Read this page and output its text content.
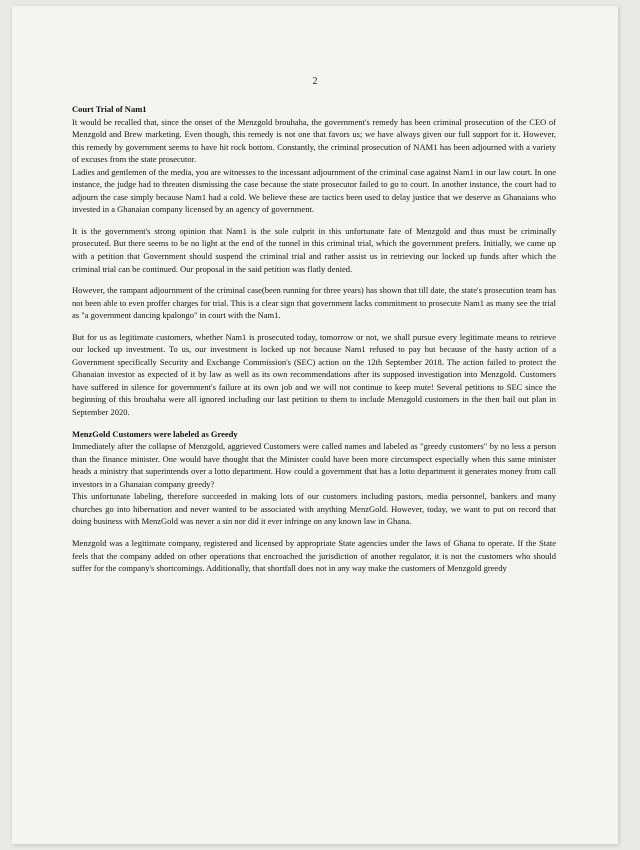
2

Court Trial of Nam1

It would be recalled that, since the onset of the Menzgold brouhaha, the government's remedy has been criminal prosecution of the CEO of Menzgold and Brew marketing. Even though, this remedy is not one that favors us; we have always given our full support for it. However, this remedy by government seems to have hit rock bottom. Constantly, the criminal prosecution of NAM1 has been adjourned with a variety of excuses from the state prosecutor.

Ladies and gentlemen of the media, you are witnesses to the incessant adjournment of the criminal case against Nam1 in our law court. In one instance, the judge had to threaten dismissing the case because the state prosecutor failed to go to court. In another instance, the court had to adjourn the case simply because Nam1 had a cold. We believe these are tactics been used to delay justice that we deserve as Ghanaians who invested in a Ghanaian company licensed by an agency of government.

It is the government's strong opinion that Nam1 is the sole culprit in this unfortunate fate of Menzgold and thus must be criminally prosecuted. But there seems to be no light at the end of the tunnel in this criminal trial, which the government prefers. Initially, we came up with a petition that Government should suspend the criminal trial and rather assist us in retrieving our locked up funds after which the criminal trial can be continued. Our proposal in the said petition was flatly denied.

However, the rampant adjournment of the criminal case(been running for three years) has shown that till date, the state's prosecution team has not been able to even proffer charges for trial. This is a clear sign that government lacks commitment to prosecute Nam1 as many see the trial as "a government dancing kpalongo" in court with the Nam1.

But for us as legitimate customers, whether Nam1 is prosecuted today, tomorrow or not, we shall pursue every legitimate means to retrieve our locked up investment. To us, our investment is locked up not because Nam1 refused to pay but because of the hasty action of a Government specifically Security and Exchange Commission's (SEC) action on the 12th September 2018. The action failed to protect the Ghanaian investor as expected of it by law as well as its own recommendations after its supposed investigation into Menzgold. Customers have suffered in silence for government's failure at its own job and we will not continue to keep mute! Several petitions to SEC since the beginning of this brouhaha were all ignored including our last petition to them to include Menzgold customers in the then bail out plan in September 2020.

MenzGold Customers were labeled as Greedy

Immediately after the collapse of Menzgold, aggrieved Customers were called names and labeled as "greedy customers" by no less a person than the finance minister. One would have thought that the Minister could have been more circumspect especially when this same minister heads a ministry that superintends over a lotto department. How could a government that has a lotto department it generates money from call investors in a Ghanaian company greedy?

This unfortunate labeling, therefore succeeded in making lots of our customers including pastors, media personnel, bankers and many churches go into hibernation and never wanted to be associated with anything MenzGold. However, today, we want to put on record that doing business with MenzGold was never a sin nor did it ever infringe on any known law in Ghana.

Menzgold was a legitimate company, registered and licensed by appropriate State agencies under the laws of Ghana to operate. If the State feels that the company added on other operations that encroached the jurisdiction of another regulator, it is not the customers who should suffer for the company's shortcomings. Additionally, that shortfall does not in any way make the customers of Menzgold greedy
